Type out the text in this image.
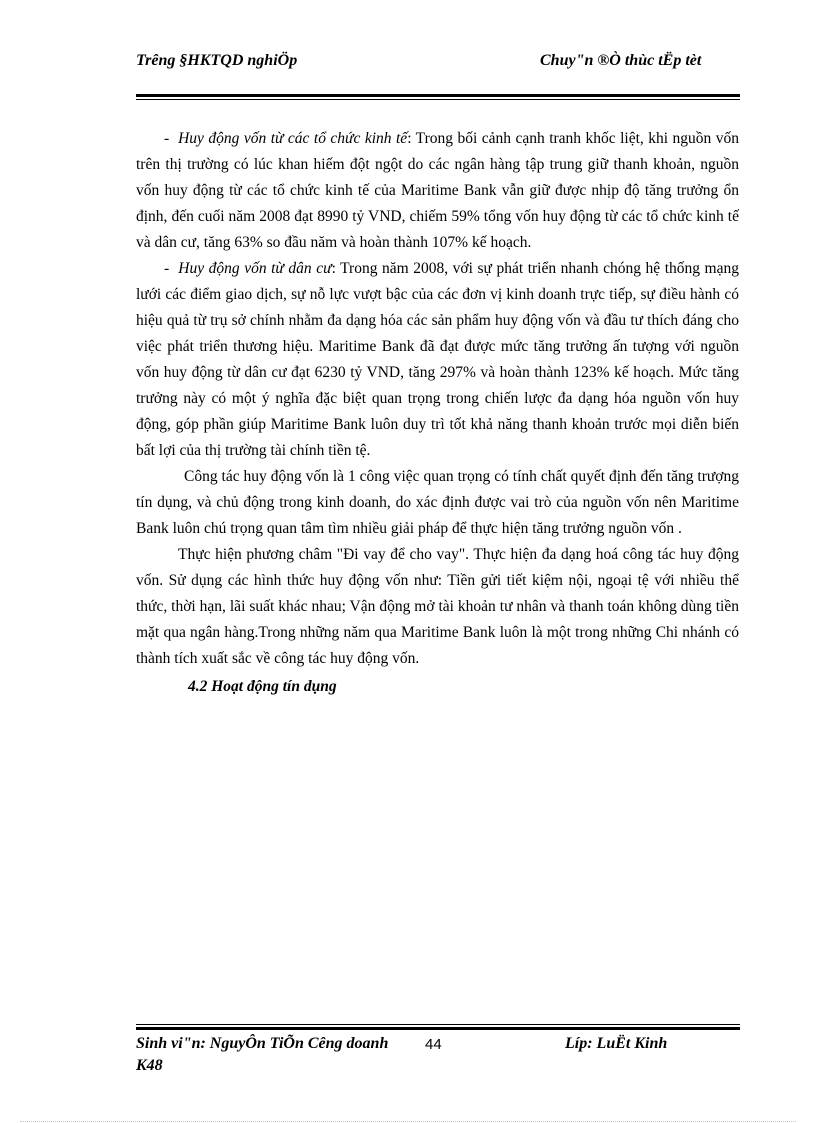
Trêng §HKTQD nghiÖp	Chuy"n ®Ò thùc tËp tèt

-  Huy động vốn từ các tổ chức kinh tế: Trong bối cảnh cạnh tranh khốc liệt, khi nguồn vốn trên thị trường có lúc khan hiếm đột ngột do các ngân hàng tập trung giữ thanh khoản, nguồn vốn huy động từ các tổ chức kinh tế của Maritime Bank vẫn giữ được nhịp độ tăng trưởng ổn định, đến cuối năm 2008 đạt 8990 tỷ VND, chiếm 59% tổng vốn huy động từ các tổ chức kinh tế và dân cư, tăng 63% so đầu năm và hoàn thành 107% kế hoạch.

-  Huy động vốn từ dân cư: Trong năm 2008, với sự phát triển nhanh chóng hệ thống mạng lưới các điểm giao dịch, sự nỗ lực vượt bậc của các đơn vị kinh doanh trực tiếp, sự điều hành có hiệu quả từ trụ sở chính nhằm đa dạng hóa các sản phẩm huy động vốn và đầu tư thích đáng cho việc phát triển thương hiệu. Maritime Bank đã đạt được mức tăng trưởng ấn tượng với nguồn vốn huy động từ dân cư đạt 6230 tỷ VND, tăng 297% và hoàn thành 123% kế hoạch. Mức tăng trưởng này có một ý nghĩa đặc biệt quan trọng trong chiến lược đa dạng hóa nguồn vốn huy động, góp phần giúp Maritime Bank luôn duy trì tốt khả năng thanh khoản trước mọi diễn biến bất lợi của thị trường tài chính tiền tệ.

Công tác huy động vốn là 1 công việc quan trọng có tính chất quyết định đến tăng trượng tín dụng, và chủ động trong kinh doanh, do xác định được vai trò của nguồn vốn nên Maritime Bank luôn chú trọng quan tâm tìm nhiều giải pháp để thực hiện tăng trưởng nguồn vốn .

Thực hiện phương châm "Đi vay để cho vay". Thực hiện đa dạng hoá công tác huy động vốn. Sử dụng các hình thức huy động vốn như: Tiền gửi tiết kiệm nội, ngoại tệ với nhiều thể thức, thời hạn, lãi suất khác nhau; Vận động mở tài khoản tư nhân và thanh toán không dùng tiền mặt qua ngân hàng.Trong những năm qua Maritime Bank luôn là một trong những Chi nhánh có thành tích xuất sắc về công tác huy động vốn.

4.2 Hoạt động tín dụng

Sinh vi"n: NguyÔn TiÕn Cêng doanh K48
44	Líp: LuËt Kinh
